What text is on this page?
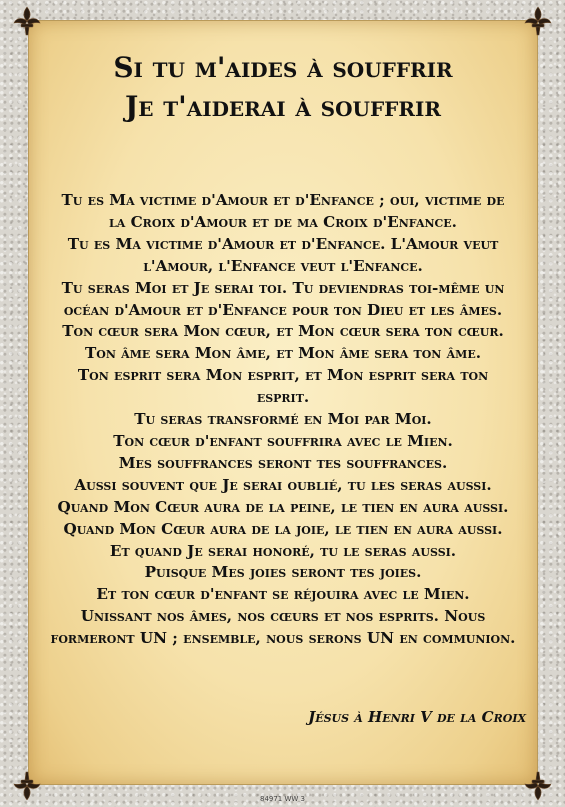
Si tu m'aides à souffrir
Je t'aiderai à souffrir
Tu es Ma victime d'Amour et d'Enfance ; oui, victime de
la Croix d'Amour et de ma Croix d'Enfance.
Tu es Ma victime d'Amour et d'Enfance. L'Amour veut
l'Amour, l'Enfance veut l'Enfance.
Tu seras Moi et Je serai toi. Tu deviendras toi-même un
océan d'Amour et d'Enfance pour ton Dieu et les âmes.
Ton cœur sera Mon cœur, et Mon cœur sera ton cœur.
Ton âme sera Mon âme, et Mon âme sera ton âme.
Ton esprit sera Mon esprit, et Mon esprit sera ton
esprit.
Tu seras transformé en Moi par Moi.
Ton cœur d'enfant souffrira avec le Mien.
Mes souffrances seront tes souffrances.
Aussi souvent que Je serai oublié, tu les seras aussi.
Quand Mon Cœur aura de la peine, le tien en aura aussi.
Quand Mon Cœur aura de la joie, le tien en aura aussi.
Et quand Je serai honoré, tu le seras aussi.
Puisque Mes joies seront tes joies.
Et ton cœur d'enfant se réjouira avec le Mien.
Unissant nos âmes, nos cœurs et nos esprits. Nous
formeront UN ; ensemble, nous serons UN en communion.

Jésus à Henri V de la Croix

84971 WW 3
